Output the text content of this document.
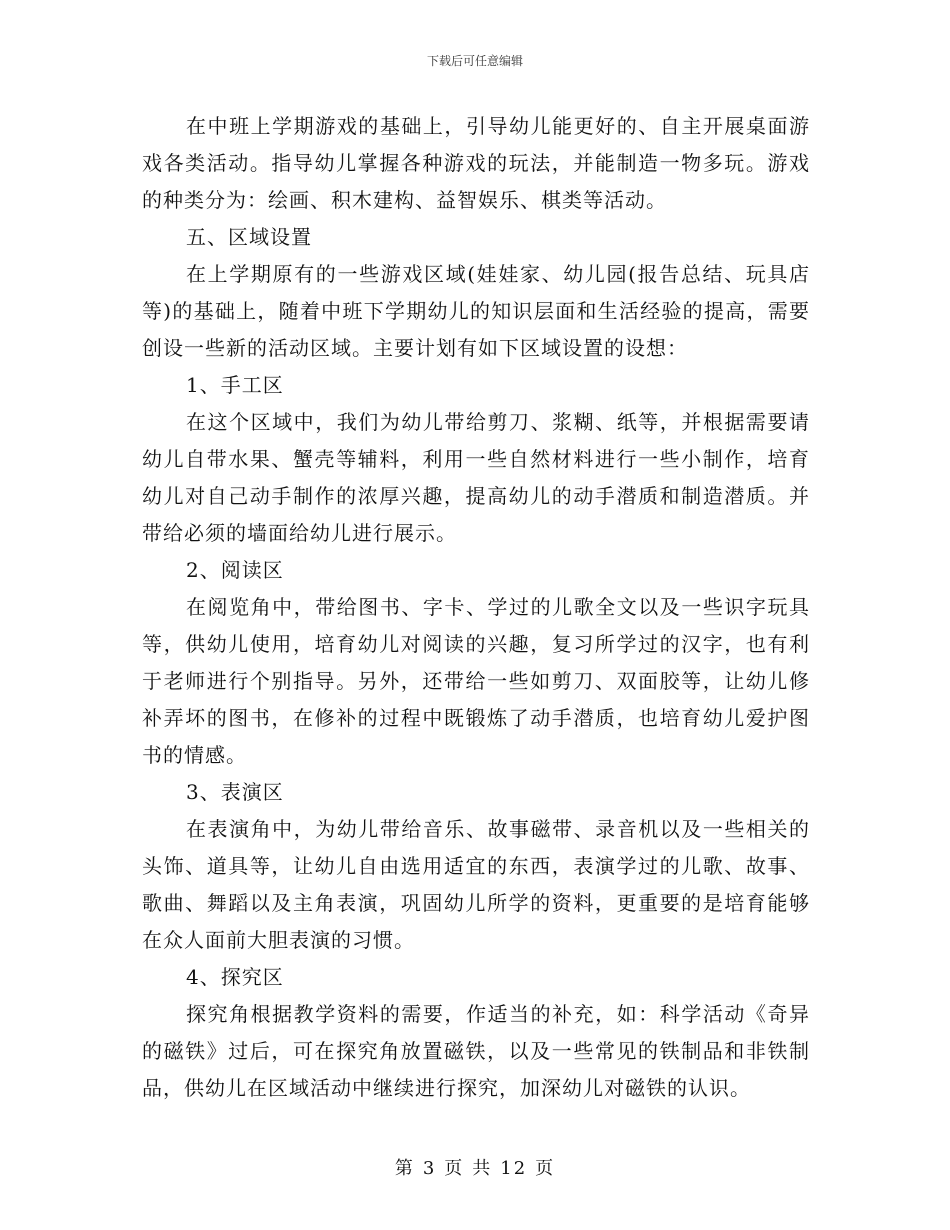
下载后可任意编辑

在中班上学期游戏的基础上，引导幼儿能更好的、自主开展桌面游戏各类活动。指导幼儿掌握各种游戏的玩法，并能制造一物多玩。游戏的种类分为：绘画、积木建构、益智娱乐、棋类等活动。

五、区域设置

在上学期原有的一些游戏区域(娃娃家、幼儿园(报告总结、玩具店等)的基础上，随着中班下学期幼儿的知识层面和生活经验的提高，需要创设一些新的活动区域。主要计划有如下区域设置的设想：

1、手工区

在这个区域中，我们为幼儿带给剪刀、浆糊、纸等，并根据需要请幼儿自带水果、蟹壳等辅料，利用一些自然材料进行一些小制作，培育幼儿对自己动手制作的浓厚兴趣，提高幼儿的动手潜质和制造潜质。并带给必须的墙面给幼儿进行展示。

2、阅读区

在阅览角中，带给图书、字卡、学过的儿歌全文以及一些识字玩具等，供幼儿使用，培育幼儿对阅读的兴趣，复习所学过的汉字，也有利于老师进行个别指导。另外，还带给一些如剪刀、双面胶等，让幼儿修补弄坏的图书，在修补的过程中既锻炼了动手潜质，也培育幼儿爱护图书的情感。

3、表演区

在表演角中，为幼儿带给音乐、故事磁带、录音机以及一些相关的头饰、道具等，让幼儿自由选用适宜的东西，表演学过的儿歌、故事、歌曲、舞蹈以及主角表演，巩固幼儿所学的资料，更重要的是培育能够在众人面前大胆表演的习惯。

4、探究区

探究角根据教学资料的需要，作适当的补充，如：科学活动《奇异的磁铁》过后，可在探究角放置磁铁，以及一些常见的铁制品和非铁制品，供幼儿在区域活动中继续进行探究，加深幼儿对磁铁的认识。

第 3 页 共 12 页
